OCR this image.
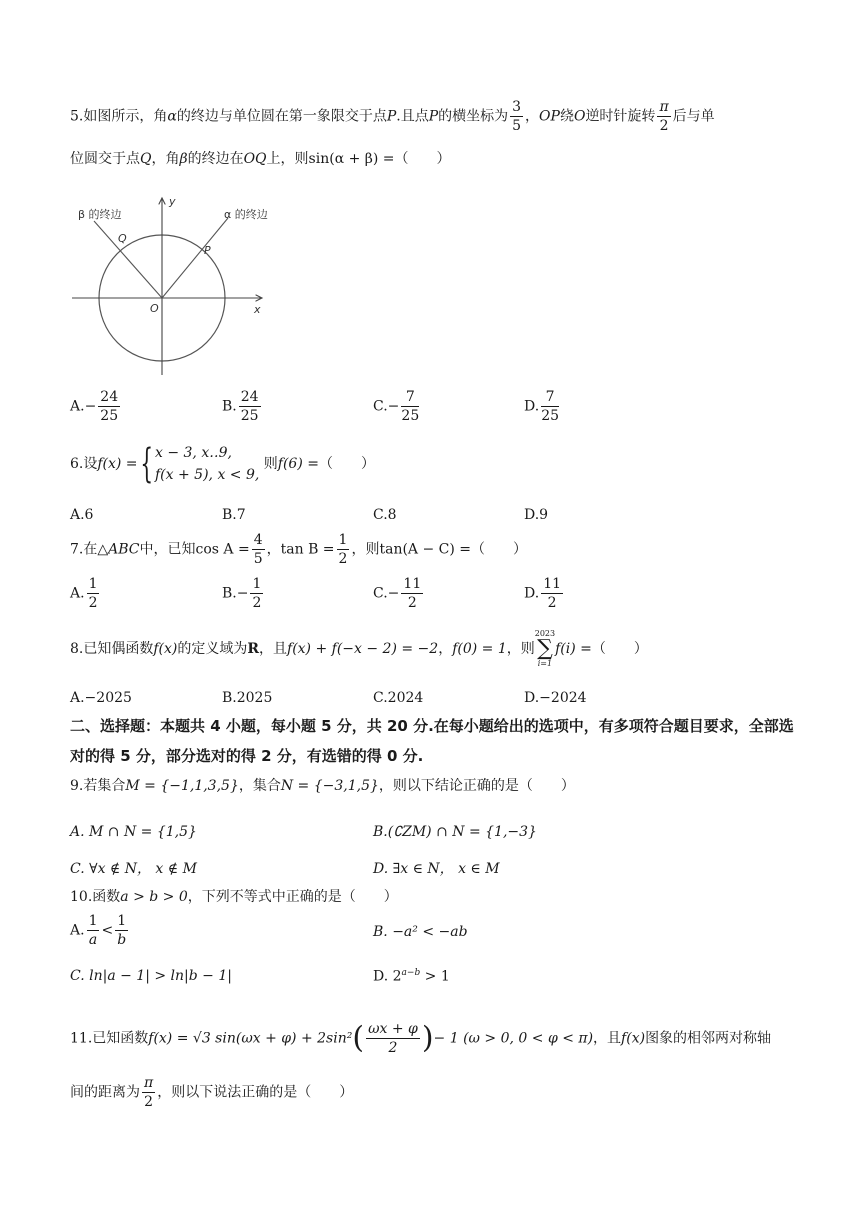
5.如图所示，角α的终边与单位圆在第一象限交于点P.且点P的横坐标为 $\frac{3}{5}$ ，OP绕O逆时针旋转 $\frac{\pi}{2}$ 后与单
位圆交于点Q，角β的终边在OQ上，则sin(α + β) =（　　）
β 的终边	α 的终边
y
x
Q
P
O
$A.- \frac{24}{25}$	B. $\frac{24}{25}$	$C.- \frac{7}{25}$	D. $\frac{7}{25}$
6.设f(x) ={ x − 3, x‥9,
f(x + 5), x < 9,
则f(6) =（　　）
A.6	B.7	C.8	D.9
7.在△ABC中，已知$\cos A = \frac{4}{5}$ ，$\tan B = \frac{1}{2}$ ，则tan(A − C) =（　　）
A. $\frac{1}{2}$	$B.- \frac{1}{2}$	$C.- \frac{11}{2}$	D. $\frac{11}{2}$
8.已知偶函数f(x)的定义域为R，且f(x) + f(−x − 2) = −2，f(0) = 1，则
2023
∑
i=1
f(i) =（　　）
A.−2025	B.2025	C.2024	D.−2024
二、选择题：本题共 4 小题，每小题 5 分，共 20 分.在每小题给出的选项中，有多项符合题目要求，全部选对的得 5 分，部分选对的得 2 分，有选错的得 0 分.
9.若集合M = {−1,1,3,5}，集合N = {−3,1,5}，则以下结论正确的是（　　）
A. M ∩ N = {1,5}	B.(∁ZM) ∩ N = {1,−3}
C. ∀x ∉ N， x ∉ M	D. ∃x ∈ N， x ∈ M
10.函数a > b > 0，下列不等式中正确的是（　　）
A. $\frac{1}{a} < \frac{1}{b}$	B. −a² < −ab
C. ln|a − 1| > ln|b − 1|	D. $2^{a-b} > 1$
11.已知函数f(x) = √3 $\sin(\omega x + \varphi) + 2\sin^2( \frac{\omega x + \varphi}{2}$ )− 1 (ω > 0, 0 < φ < π)，且f(x)图象的相邻两对称轴
间的距离为 $\frac{\pi}{2}$ ，则以下说法正确的是（　　）
